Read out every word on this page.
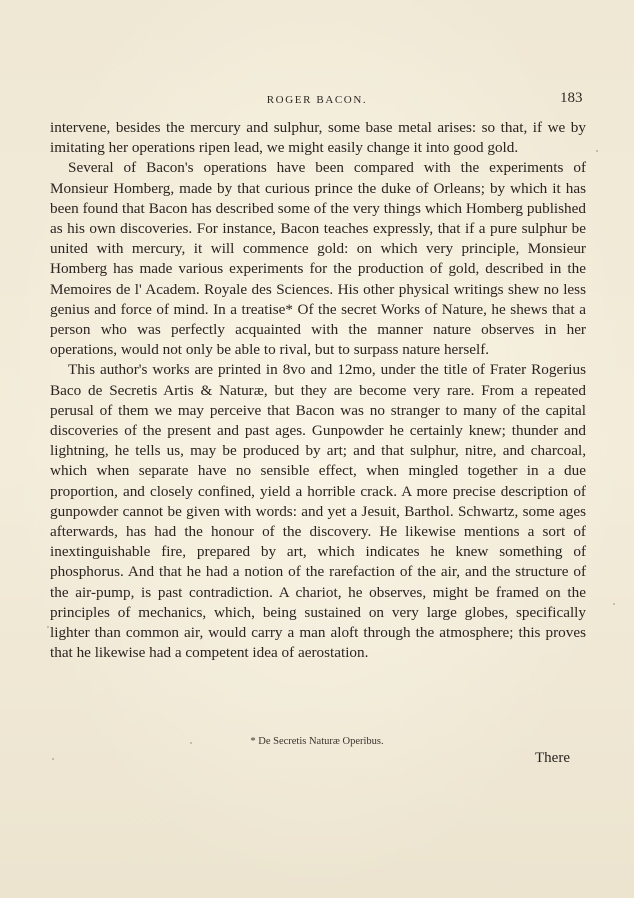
ROGER BACON.	183

intervene, besides the mercury and sulphur, some base metal arises: so that, if we by imitating her operations ripen lead, we might easily change it into good gold.

Several of Bacon's operations have been compared with the experiments of Monsieur Homberg, made by that curious prince the duke of Orleans; by which it has been found that Bacon has described some of the very things which Homberg published as his own discoveries. For instance, Bacon teaches expressly, that if a pure sulphur be united with mercury, it will commence gold: on which very principle, Monsieur Homberg has made various experiments for the production of gold, described in the Memoires de l' Academ. Royale des Sciences. His other physical writings shew no less genius and force of mind. In a treatise* Of the secret Works of Nature, he shews that a person who was perfectly acquainted with the manner nature observes in her operations, would not only be able to rival, but to surpass nature herself.

This author's works are printed in 8vo and 12mo, under the title of Frater Rogerius Baco de Secretis Artis & Naturæ, but they are become very rare. From a repeated perusal of them we may perceive that Bacon was no stranger to many of the capital discoveries of the present and past ages. Gunpowder he certainly knew; thunder and lightning, he tells us, may be produced by art; and that sulphur, nitre, and charcoal, which when separate have no sensible effect, when mingled together in a due proportion, and closely confined, yield a horrible crack. A more precise description of gunpowder cannot be given with words: and yet a Jesuit, Barthol. Schwartz, some ages afterwards, has had the honour of the discovery. He likewise mentions a sort of inextinguishable fire, prepared by art, which indicates he knew something of phosphorus. And that he had a notion of the rarefaction of the air, and the structure of the air-pump, is past contradiction. A chariot, he observes, might be framed on the principles of mechanics, which, being sustained on very large globes, specifically lighter than common air, would carry a man aloft through the atmosphere; this proves that he likewise had a competent idea of aerostation.

* De Secretis Naturæ Operibus.
There
